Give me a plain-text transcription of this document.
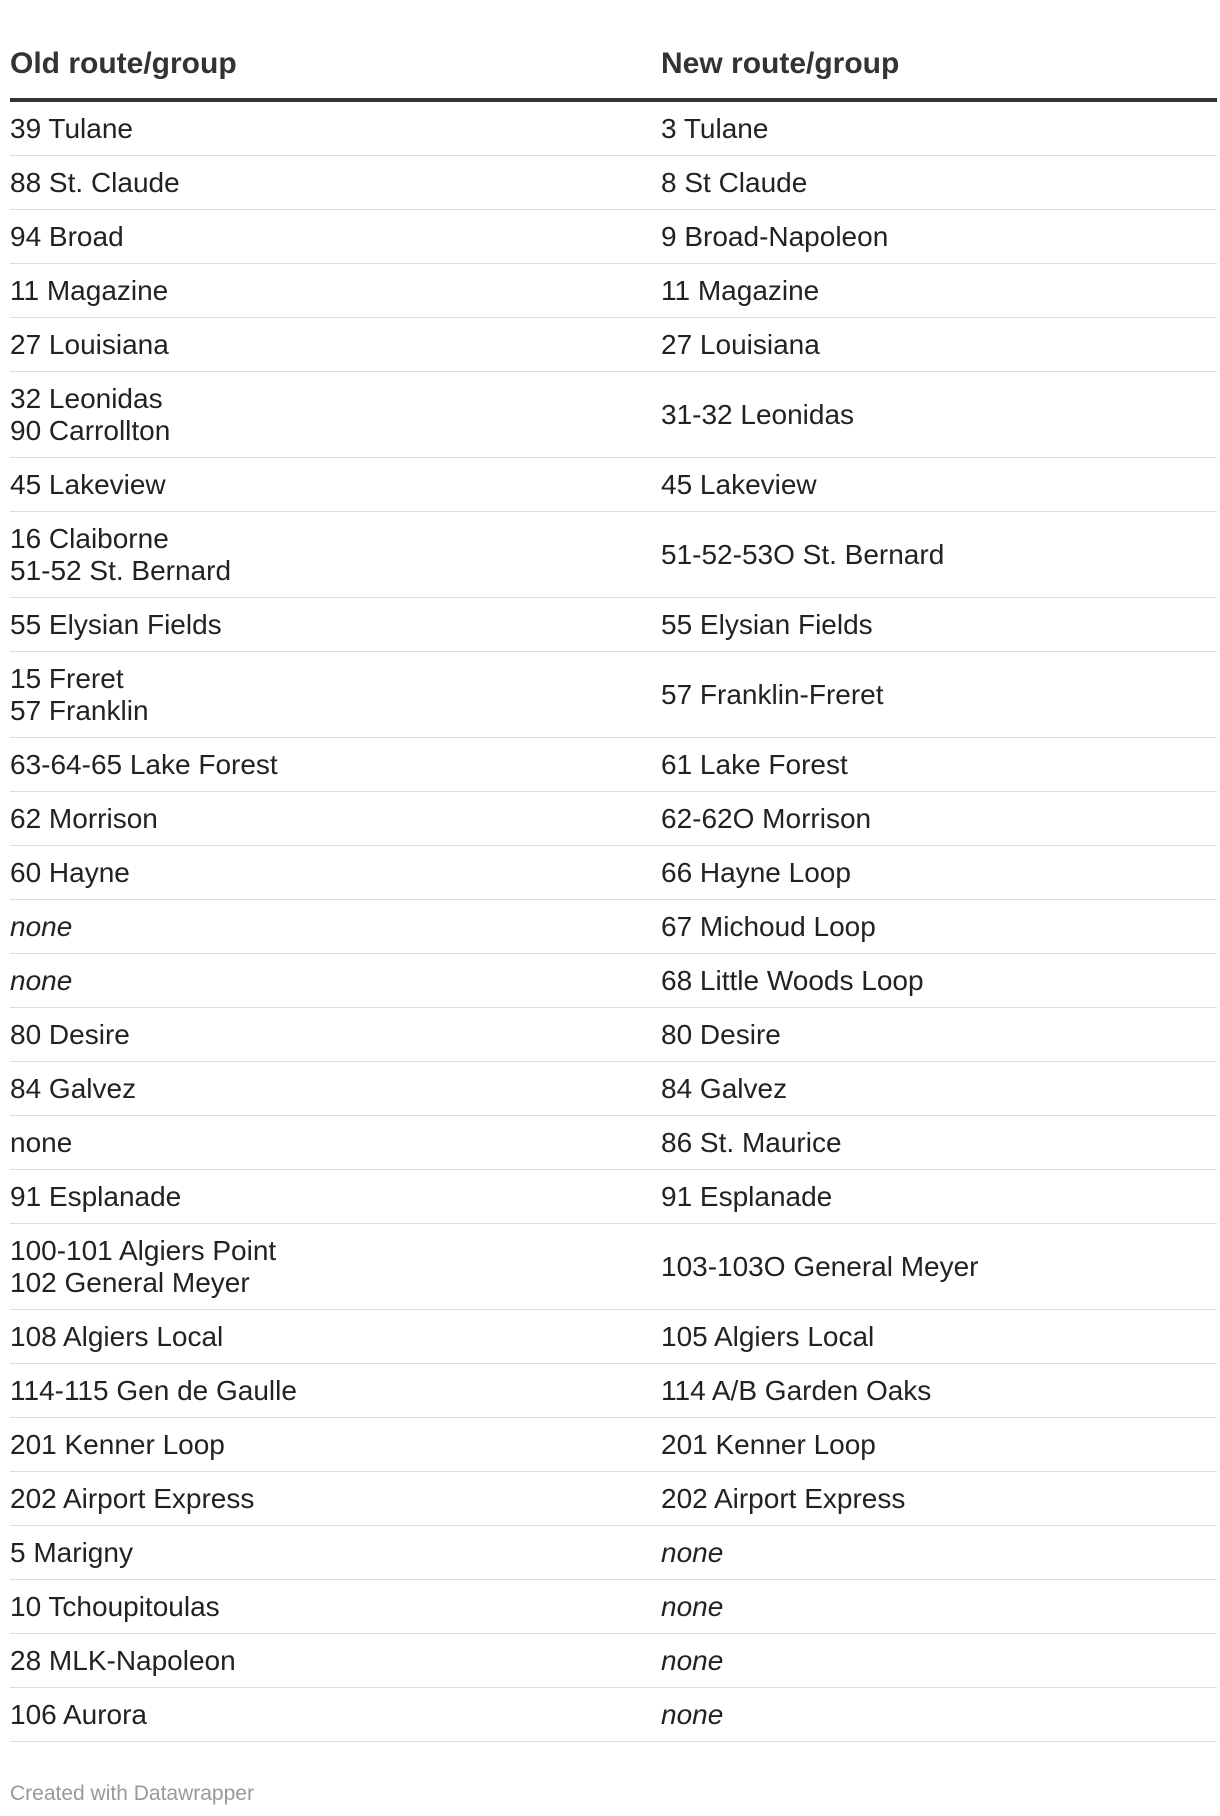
Old route/group	New route/group

39 Tulane	3 Tulane

88 St. Claude	8 St Claude

94 Broad	9 Broad-Napoleon

11 Magazine	11 Magazine

27 Louisiana	27 Louisiana

32 Leonidas
90 Carrollton	31-32 Leonidas

45 Lakeview	45 Lakeview

16 Claiborne
51-52 St. Bernard	51-52-53O St. Bernard

55 Elysian Fields	55 Elysian Fields

15 Freret
57 Franklin	57 Franklin-Freret

63-64-65 Lake Forest	61 Lake Forest

62 Morrison	62-62O Morrison

60 Hayne	66 Hayne Loop

none	67 Michoud Loop

none	68 Little Woods Loop

80 Desire	80 Desire

84 Galvez	84 Galvez

none	86 St. Maurice

91 Esplanade	91 Esplanade

100-101 Algiers Point
102 General Meyer	103-103O General Meyer

108 Algiers Local	105 Algiers Local

114-115 Gen de Gaulle	114 A/B Garden Oaks

201 Kenner Loop	201 Kenner Loop

202 Airport Express	202 Airport Express

5 Marigny	none

10 Tchoupitoulas	none

28 MLK-Napoleon	none

106 Aurora	none
Created with Datawrapper
